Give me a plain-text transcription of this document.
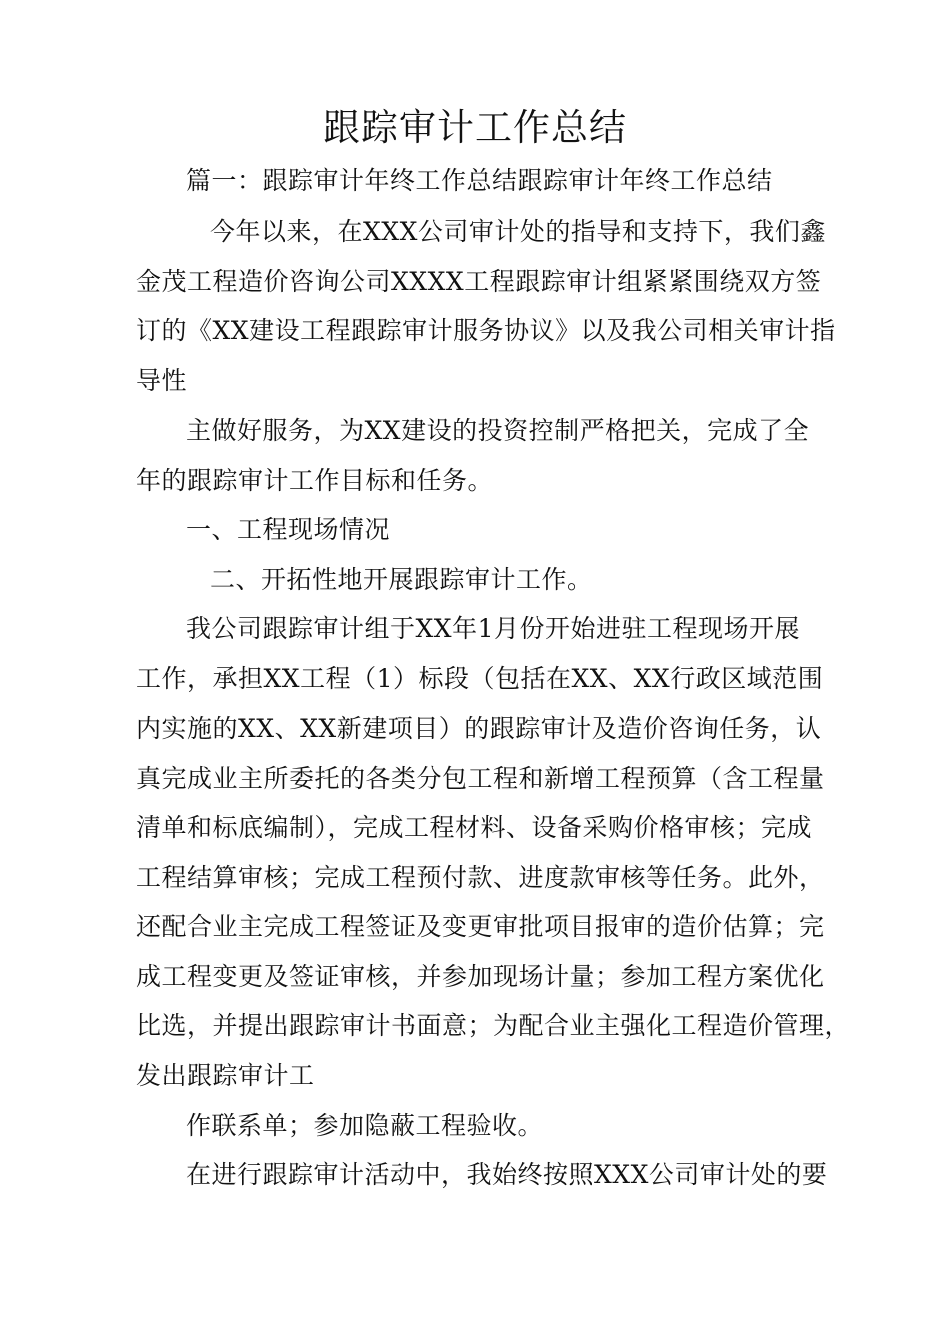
跟踪审计工作总结
篇一：跟踪审计年终工作总结跟踪审计年终工作总结
今年以来，在XXX公司审计处的指导和支持下，我们鑫
金茂工程造价咨询公司XXXX工程跟踪审计组紧紧围绕双方签
订的《XX建设工程跟踪审计服务协议》以及我公司相关审计指
导性
主做好服务，为XX建设的投资控制严格把关，完成了全
年的跟踪审计工作目标和任务。
一、工程现场情况
二、开拓性地开展跟踪审计工作。
我公司跟踪审计组于XX年1月份开始进驻工程现场开展
工作，承担XX工程（1）标段（包括在XX、XX行政区域范围
内实施的XX、XX新建项目）的跟踪审计及造价咨询任务，认
真完成业主所委托的各类分包工程和新增工程预算（含工程量
清单和标底编制），完成工程材料、设备采购价格审核；完成
工程结算审核；完成工程预付款、进度款审核等任务。此外，
还配合业主完成工程签证及变更审批项目报审的造价估算；完
成工程变更及签证审核，并参加现场计量；参加工程方案优化
比选，并提出跟踪审计书面意；为配合业主强化工程造价管理，
发出跟踪审计工
作联系单；参加隐蔽工程验收。
在进行跟踪审计活动中，我始终按照XXX公司审计处的要
